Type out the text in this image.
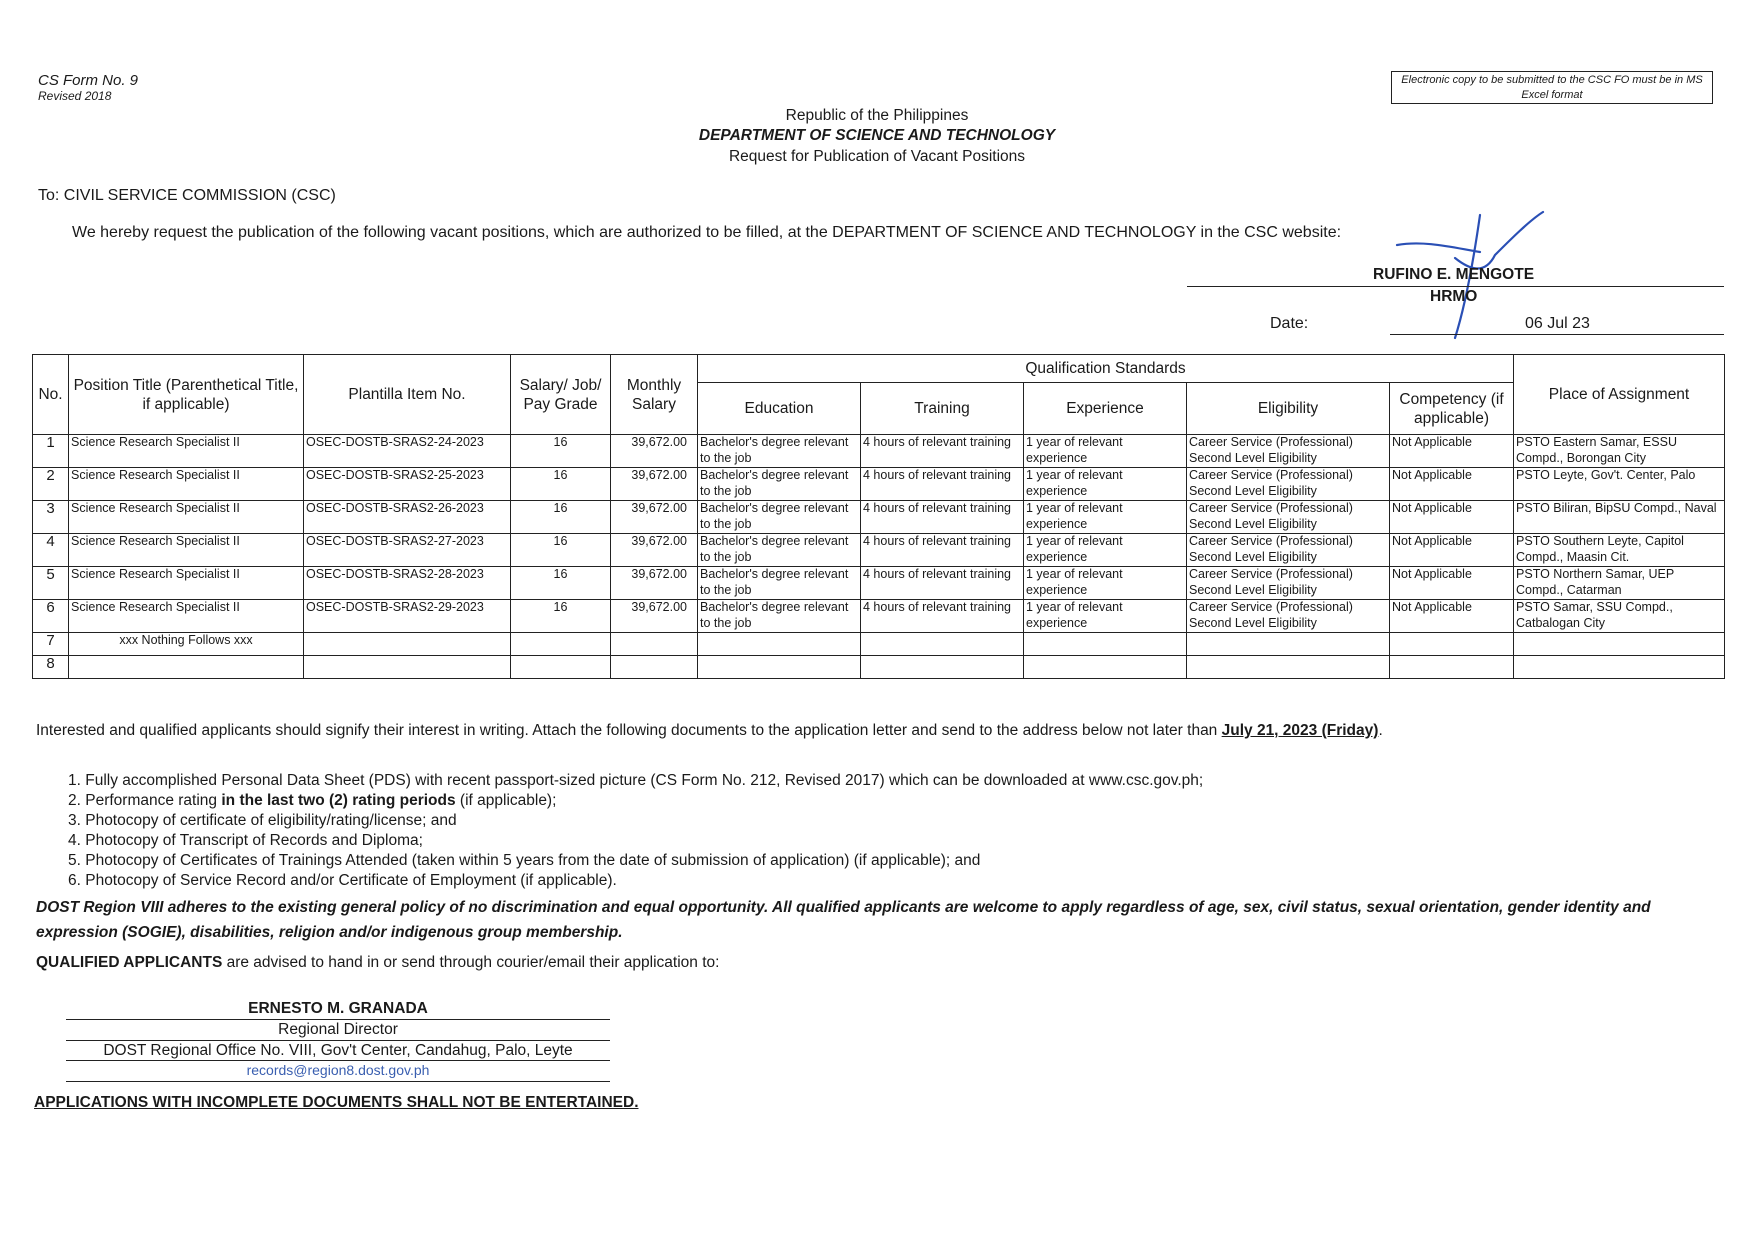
CS Form No. 9
Revised 2018
Electronic copy to be submitted to the CSC FO must be in MS Excel format
Republic of the Philippines
DEPARTMENT OF SCIENCE AND TECHNOLOGY
Request for Publication of Vacant Positions
To: CIVIL SERVICE COMMISSION (CSC)
We hereby request the publication of the following vacant positions, which are authorized to be filled, at the DEPARTMENT OF SCIENCE AND TECHNOLOGY in the CSC website:
RUFINO E. MENGOTE
HRMO
Date:	06 Jul 23
No.	Position Title (Parenthetical Title, if applicable)	Plantilla Item No.	Salary/ Job/ Pay Grade	Monthly Salary	Qualification Standards					Place of Assignment
					Education	Training	Experience	Eligibility	Competency (if applicable)	
1	Science Research Specialist II	OSEC-DOSTB-SRAS2-24-2023	16	39,672.00	Bachelor's degree relevant to the job	4 hours of relevant training	1 year of relevant experience	Career Service (Professional) Second Level Eligibility	Not Applicable	PSTO Eastern Samar, ESSU Compd., Borongan City
2	Science Research Specialist II	OSEC-DOSTB-SRAS2-25-2023	16	39,672.00	Bachelor's degree relevant to the job	4 hours of relevant training	1 year of relevant experience	Career Service (Professional) Second Level Eligibility	Not Applicable	PSTO Leyte, Gov't. Center, Palo
3	Science Research Specialist II	OSEC-DOSTB-SRAS2-26-2023	16	39,672.00	Bachelor's degree relevant to the job	4 hours of relevant training	1 year of relevant experience	Career Service (Professional) Second Level Eligibility	Not Applicable	PSTO Biliran, BipSU Compd., Naval
4	Science Research Specialist II	OSEC-DOSTB-SRAS2-27-2023	16	39,672.00	Bachelor's degree relevant to the job	4 hours of relevant training	1 year of relevant experience	Career Service (Professional) Second Level Eligibility	Not Applicable	PSTO Southern Leyte, Capitol Compd., Maasin Cit.
5	Science Research Specialist II	OSEC-DOSTB-SRAS2-28-2023	16	39,672.00	Bachelor's degree relevant to the job	4 hours of relevant training	1 year of relevant experience	Career Service (Professional) Second Level Eligibility	Not Applicable	PSTO Northern Samar, UEP Compd., Catarman
6	Science Research Specialist II	OSEC-DOSTB-SRAS2-29-2023	16	39,672.00	Bachelor's degree relevant to the job	4 hours of relevant training	1 year of relevant experience	Career Service (Professional) Second Level Eligibility	Not Applicable	PSTO Samar, SSU Compd., Catbalogan City
7	xxx Nothing Follows xxx									
8										
Interested and qualified applicants should signify their interest in writing. Attach the following documents to the application letter and send to the address below not later than July 21, 2023 (Friday).
1. Fully accomplished Personal Data Sheet (PDS) with recent passport-sized picture (CS Form No. 212, Revised 2017) which can be downloaded at www.csc.gov.ph;
2. Performance rating in the last two (2) rating periods (if applicable);
3. Photocopy of certificate of eligibility/rating/license; and
4. Photocopy of Transcript of Records and Diploma;
5. Photocopy of Certificates of Trainings Attended (taken within 5 years from the date of submission of application) (if applicable); and
6. Photocopy of Service Record and/or Certificate of Employment (if applicable).
DOST Region VIII adheres to the existing general policy of no discrimination and equal opportunity. All qualified applicants are welcome to apply regardless of age, sex, civil status, sexual orientation, gender identity and expression (SOGIE), disabilities, religion and/or indigenous group membership.
QUALIFIED APPLICANTS are advised to hand in or send through courier/email their application to:
ERNESTO M. GRANADA
Regional Director
DOST Regional Office No. VIII, Gov't Center, Candahug, Palo, Leyte
records@region8.dost.gov.ph
APPLICATIONS WITH INCOMPLETE DOCUMENTS SHALL NOT BE ENTERTAINED.
